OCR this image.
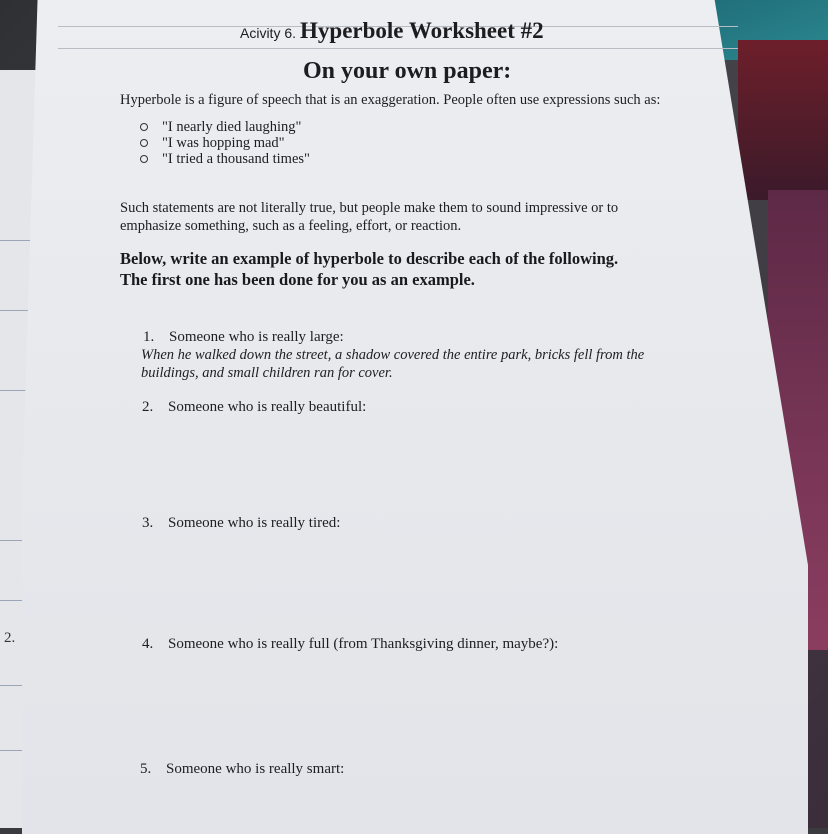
2.
Acivity 6. Hyperbole Worksheet #2
On your own paper:
Hyperbole is a figure of speech that is an exaggeration. People often use expressions such as:
"I nearly died laughing"
"I was hopping mad"
"I tried a thousand times"
Such statements are not literally true, but people make them to sound impressive or to
emphasize something, such as a feeling, effort, or reaction.
Below, write an example of hyperbole to describe each of the following.
The first one has been done for you as an example.
1. Someone who is really large:
When he walked down the street, a shadow covered the entire park, bricks fell from the
buildings, and small children ran for cover.
2. Someone who is really beautiful:
3. Someone who is really tired:
4. Someone who is really full (from Thanksgiving dinner, maybe?):
5. Someone who is really smart:
